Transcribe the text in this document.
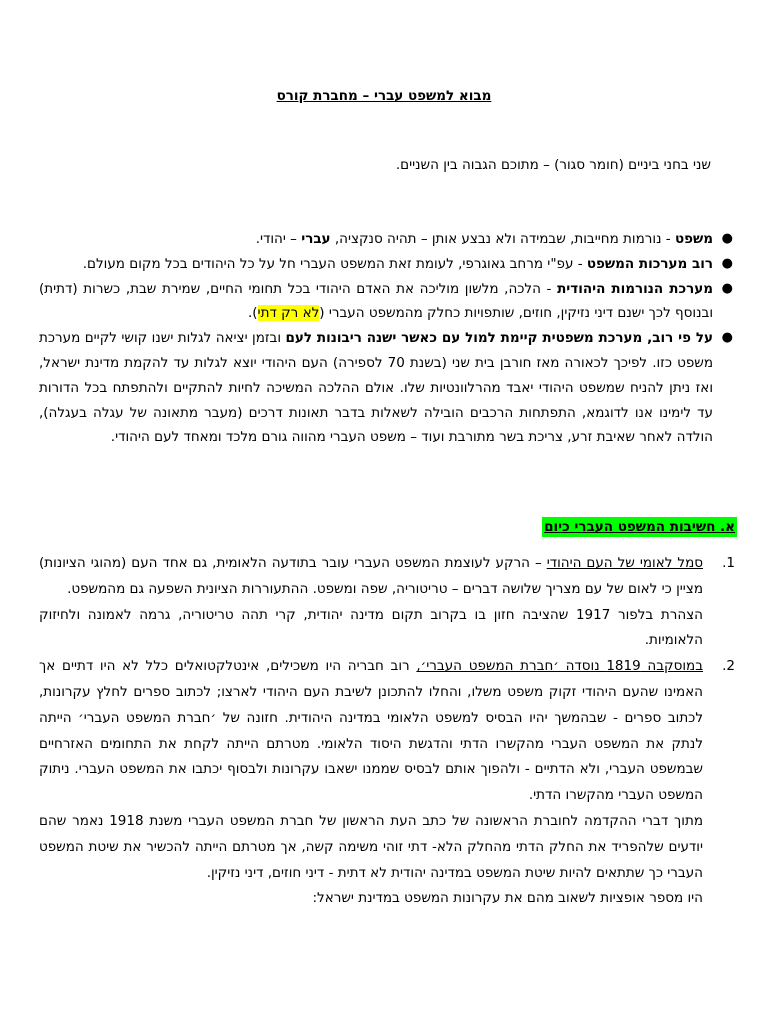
מבוא למשפט עברי – מחברת קורס
שני בחני ביניים (חומר סגור) – מתוכם הגבוה בין השניים.
●
משפט - נורמות מחייבות, שבמידה ולא נבצע אותן – תהיה סנקציה, עברי – יהודי.
●
רוב מערכות המשפט - עפ"י מרחב גאוגרפי, לעומת זאת המשפט העברי חל על כל היהודים בכל מקום מעולם.
●
מערכת הנורמות היהודית - הלכה, מלשון מוליכה את האדם היהודי בכל תחומי החיים, שמירת שבת, כשרות (דתית) ובנוסף לכך ישנם דיני נזיקין, חוזים, שותפויות כחלק מהמשפט העברי (לא רק דתי).
●
על פי רוב, מערכת משפטית קיימת למול עם כאשר ישנה ריבונות לעם ובזמן יציאה לגלות ישנו קושי לקיים מערכת משפט כזו. לפיכך לכאורה מאז חורבן בית שני (בשנת 70 לספירה) העם היהודי יוצא לגלות עד להקמת מדינת ישראל, ואז ניתן להניח שמשפט היהודי יאבד מהרלוונטיות שלו. אולם ההלכה המשיכה לחיות להתקיים ולהתפתח בכל הדורות עד לימינו אנו לדוגמא, התפתחות הרכבים הובילה לשאלות בדבר תאונות דרכים (מעבר מתאונה של עגלה בעגלה), הולדה לאחר שאיבת זרע, צריכת בשר מתורבת ועוד – משפט העברי מהווה גורם מלכד ומאחד לעם היהודי.
א. חשיבות המשפט העברי כיום
1.

סמל לאומי של העם היהודי – הרקע לעוצמת המשפט העברי עובר בתודעה הלאומית, גם אחד העם (מהוגי הציונות) מציין כי לאום של עם מצריך שלושה דברים – טריטוריה, שפה ומשפט. ההתעוררות הציונית השפעה גם מהמשפט.

הצהרת בלפור 1917 שהציבה חזון בו בקרוב תקום מדינה יהודית, קרי תהה טריטוריה, גרמה לאמונה ולחיזוק הלאומיות.

2.

במוסקבה 1819 נוסדה ׳חברת המשפט העברי׳, רוב חבריה היו משכילים, אינטלקטואלים כלל לא היו דתיים אך האמינו שהעם היהודי זקוק משפט משלו, והחלו להתכונן לשיבת העם היהודי לארצו; לכתוב ספרים לחלץ עקרונות, לכתוב ספרים - שבהמשך יהיו הבסיס למשפט הלאומי במדינה היהודית. חזונה של ׳חברת המשפט העברי׳ הייתה לנתק את המשפט העברי מהקשרו הדתי והדגשת היסוד הלאומי. מטרתם הייתה לקחת את התחומים האזרחיים שבמשפט העברי, ולא הדתיים - ולהפוך אותם לבסיס שממנו ישאבו עקרונות ולבסוף יכתבו את המשפט העברי. ניתוק המשפט העברי מהקשרו הדתי.

מתוך דברי ההקדמה לחוברת הראשונה של כתב העת הראשון של חברת המשפט העברי משנת 1918 נאמר שהם יודעים שלהפריד את החלק הדתי מהחלק הלא- דתי זוהי משימה קשה, אך מטרתם הייתה להכשיר את שיטת המשפט העברי כך שתתאים להיות שיטת המשפט במדינה יהודית לא דתית - דיני חוזים, דיני נזיקין.

היו מספר אופציות לשאוב מהם את עקרונות המשפט במדינת ישראל:
